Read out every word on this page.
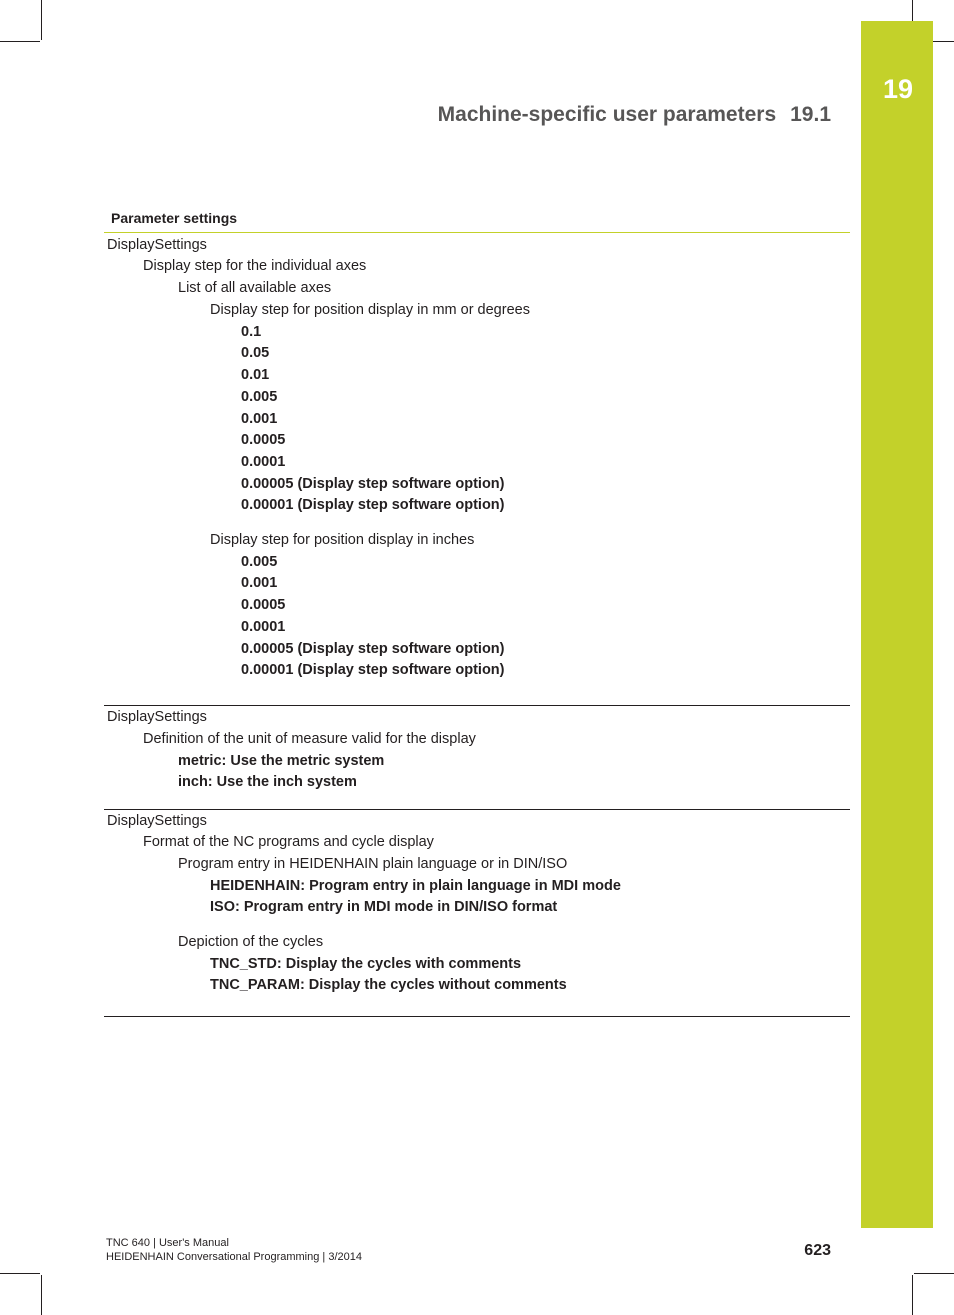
19
Machine-specific user parameters 19.1
Parameter settings
DisplaySettings
Display step for the individual axes
List of all available axes
Display step for position display in mm or degrees
0.1
0.05
0.01
0.005
0.001
0.0005
0.0001
0.00005 (Display step software option)
0.00001 (Display step software option)
Display step for position display in inches
0.005
0.001
0.0005
0.0001
0.00005 (Display step software option)
0.00001 (Display step software option)
DisplaySettings
Definition of the unit of measure valid for the display
metric: Use the metric system
inch: Use the inch system
DisplaySettings
Format of the NC programs and cycle display
Program entry in HEIDENHAIN plain language or in DIN/ISO
HEIDENHAIN: Program entry in plain language in MDI mode
ISO: Program entry in MDI mode in DIN/ISO format
Depiction of the cycles
TNC_STD: Display the cycles with comments
TNC_PARAM: Display the cycles without comments
TNC 640 | User's Manual
HEIDENHAIN Conversational Programming | 3/2014	623
